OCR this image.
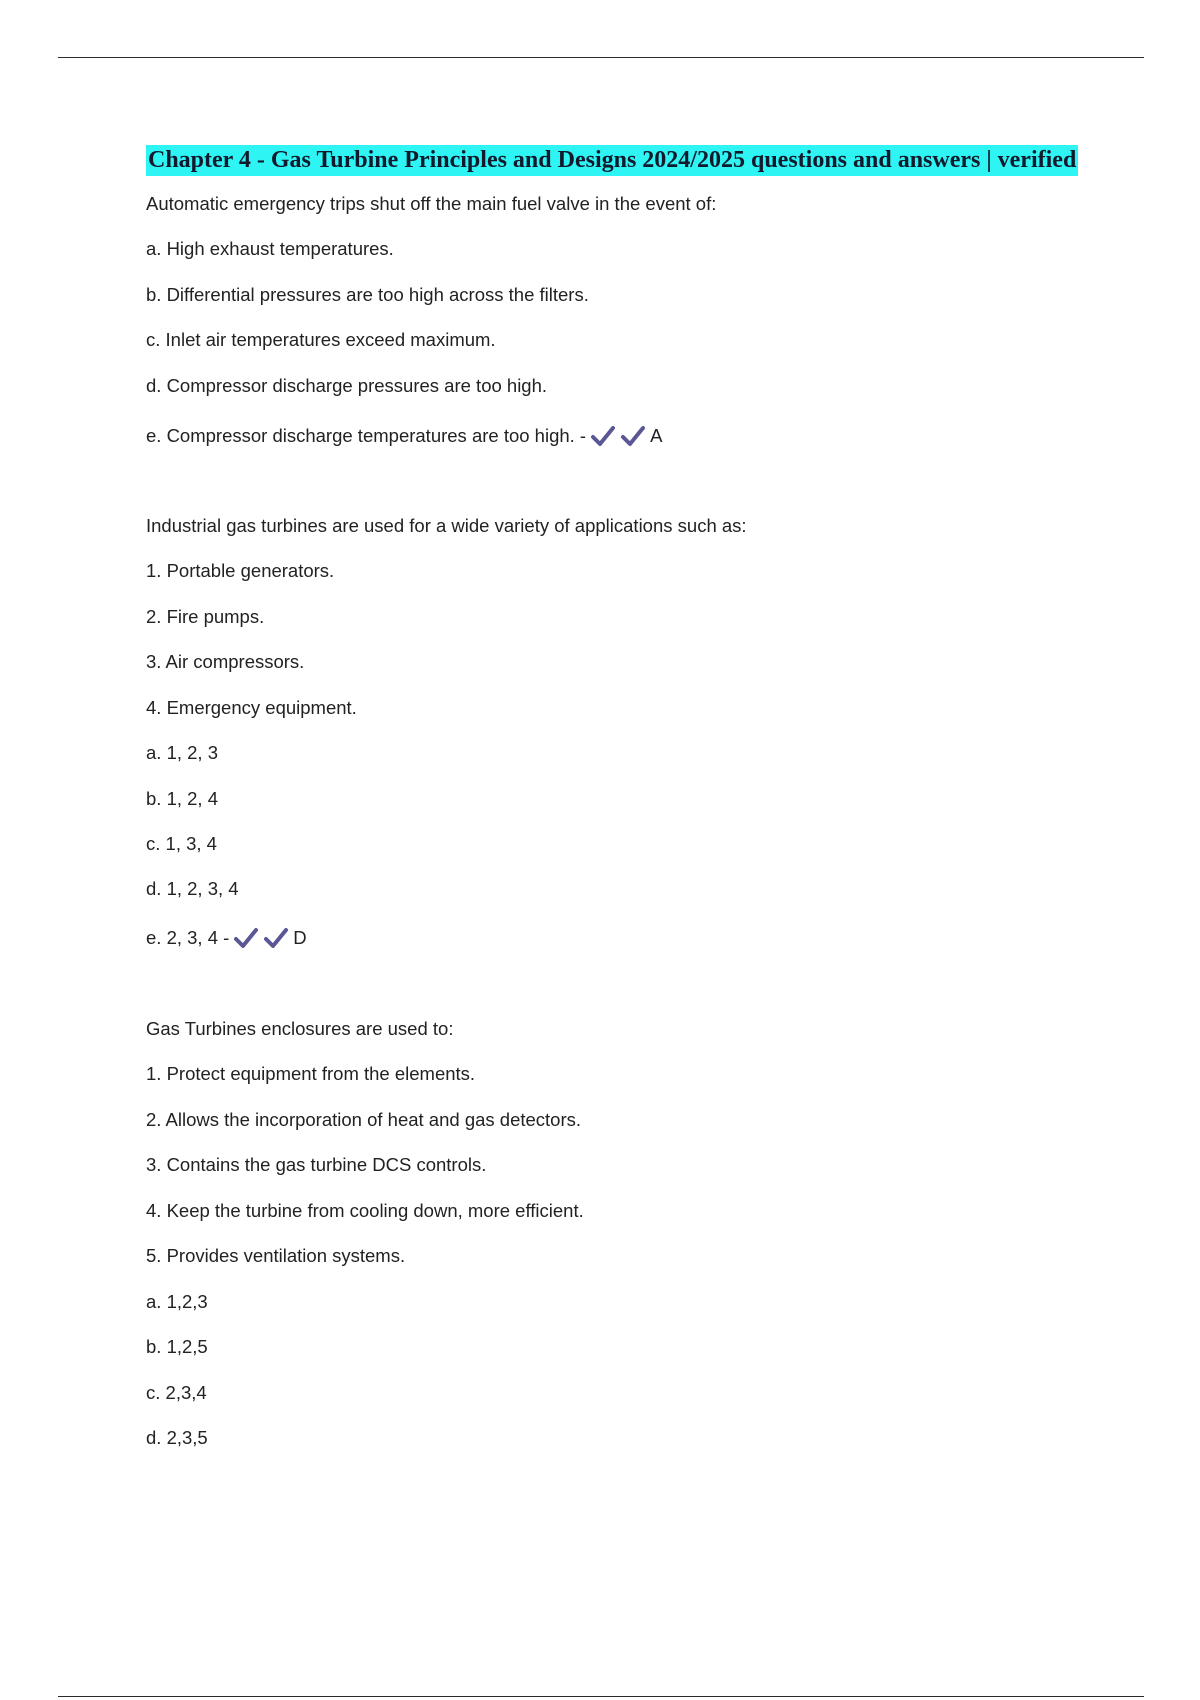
Chapter 4 - Gas Turbine Principles and Designs 2024/2025 questions and answers | verified
Automatic emergency trips shut off the main fuel valve in the event of:
a. High exhaust temperatures.
b. Differential pressures are too high across the filters.
c. Inlet air temperatures exceed maximum.
d. Compressor discharge pressures are too high.
e. Compressor discharge temperatures are too high. -	A
Industrial gas turbines are used for a wide variety of applications such as:
1. Portable generators.
2. Fire pumps.
3. Air compressors.
4. Emergency equipment.
a. 1, 2, 3
b. 1, 2, 4
c. 1, 3, 4
d. 1, 2, 3, 4
e. 2, 3, 4 -	D
Gas Turbines enclosures are used to:
1. Protect equipment from the elements.
2. Allows the incorporation of heat and gas detectors.
3. Contains the gas turbine DCS controls.
4. Keep the turbine from cooling down, more efficient.
5. Provides ventilation systems.
a. 1,2,3
b. 1,2,5
c. 2,3,4
d. 2,3,5
